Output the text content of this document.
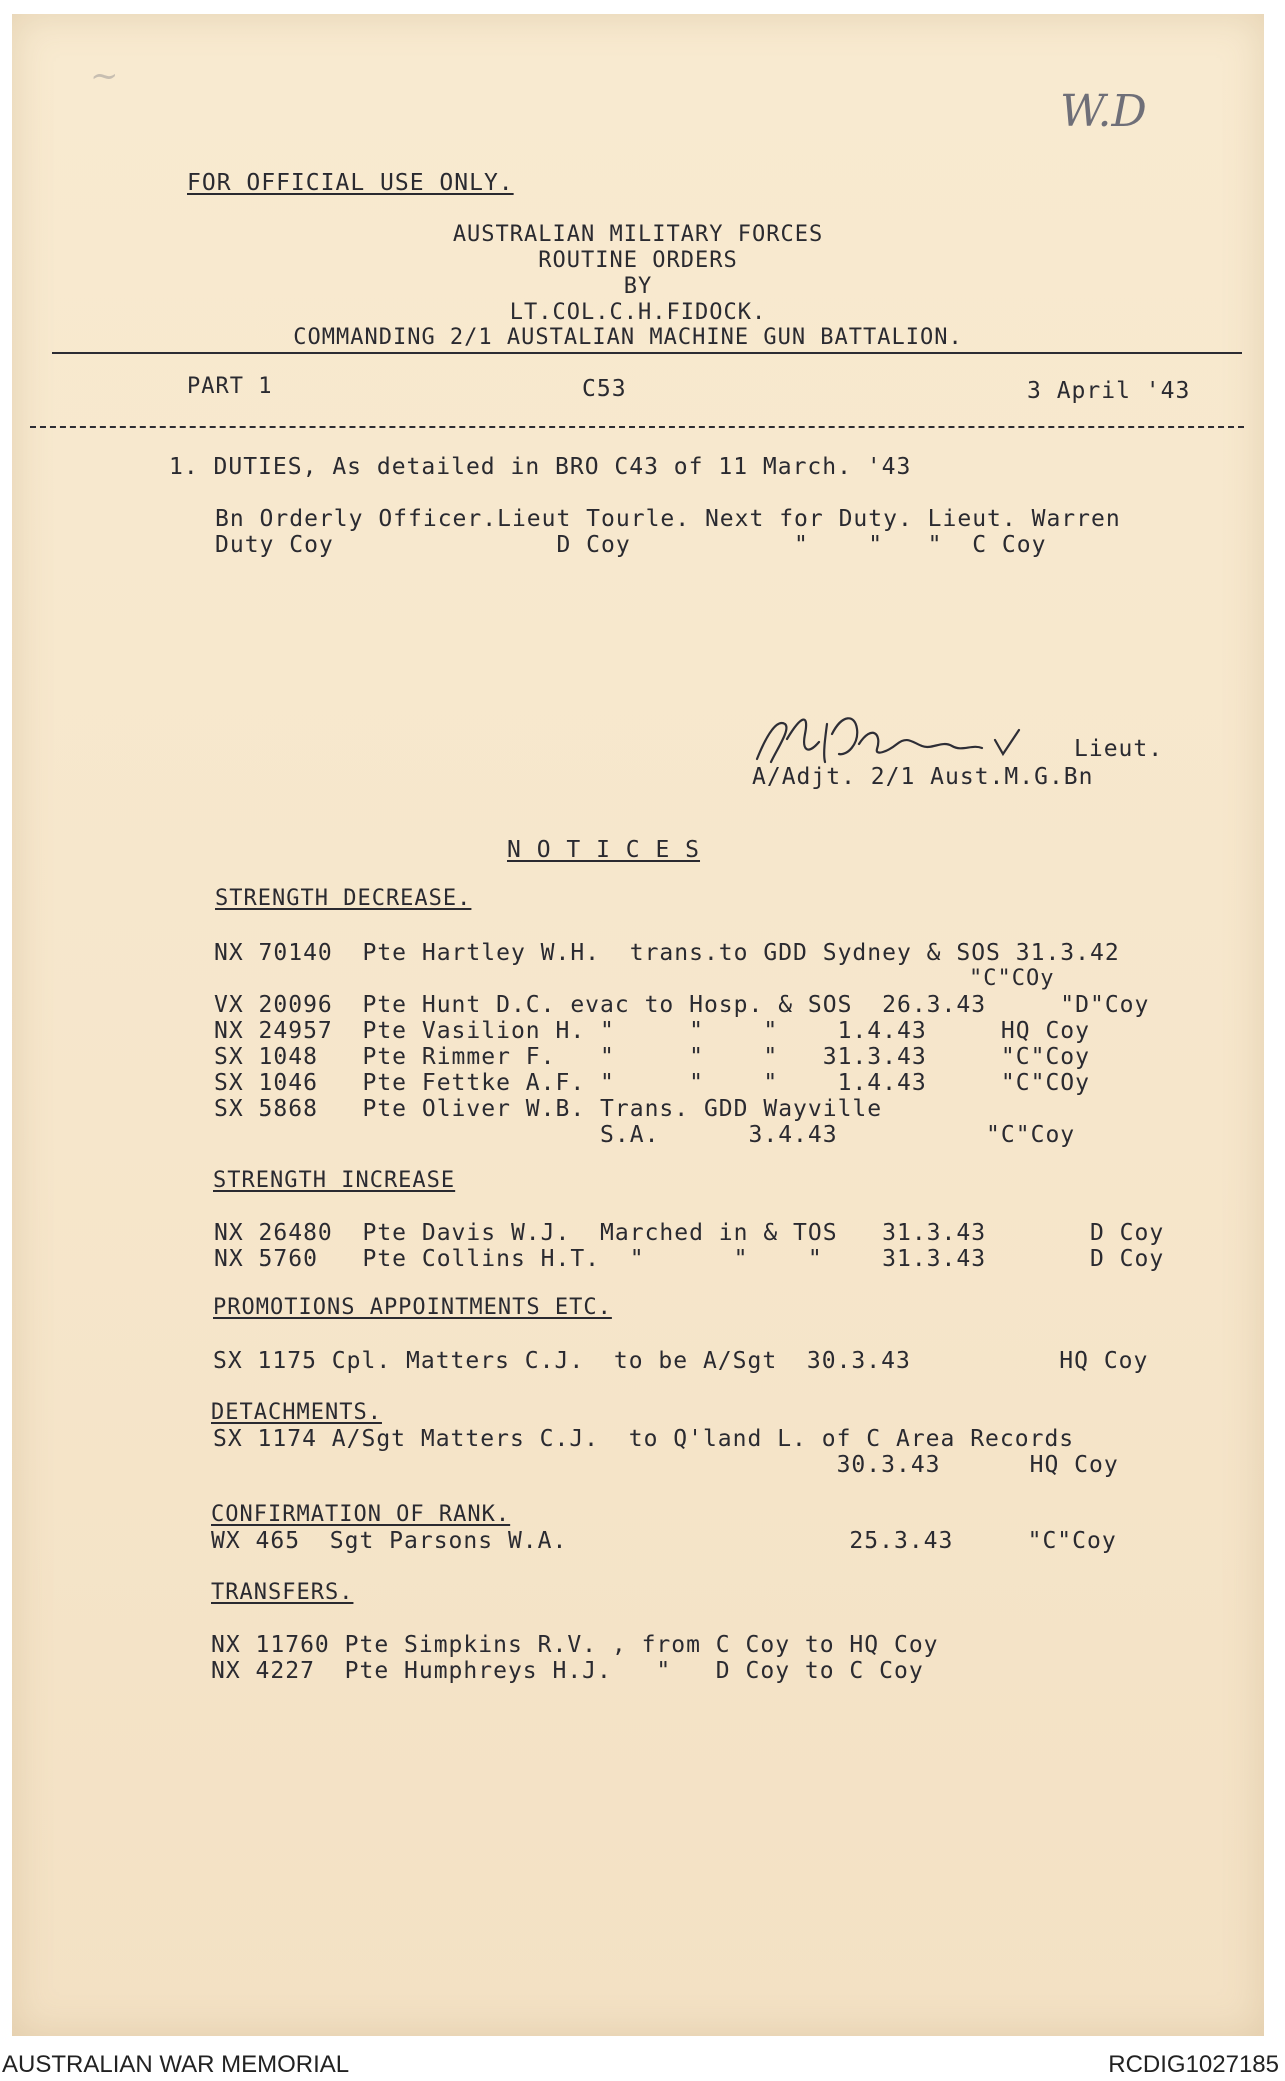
~
W.D
FOR OFFICIAL USE ONLY.
AUSTRALIAN MILITARY FORCES
ROUTINE ORDERS
BY
LT.COL.C.H.FIDOCK.
COMMANDING 2/1 AUSTALIAN MACHINE GUN BATTALION.
PART 1	C53	3 April '43
1. DUTIES, As detailed in BRO C43 of 11 March. '43
Bn Orderly Officer.Lieut Tourle. Next for Duty. Lieut. Warren
Duty Coy               D Coy           "    "   "  C Coy
Lieut.
A/Adjt. 2/1 Aust.M.G.Bn
N O T I C E S
STRENGTH DECREASE.
NX 70140  Pte Hartley W.H.  trans.to GDD Sydney & SOS 31.3.42
"C"COy
VX 20096  Pte Hunt D.C. evac to Hosp. & SOS  26.3.43     "D"Coy
NX 24957  Pte Vasilion H. "     "    "    1.4.43     HQ Coy
SX 1048   Pte Rimmer F.   "     "    "   31.3.43     "C"Coy
SX 1046   Pte Fettke A.F. "     "    "    1.4.43     "C"COy
SX 5868   Pte Oliver W.B. Trans. GDD Wayville
S.A.      3.4.43          "C"Coy
STRENGTH INCREASE
NX 26480  Pte Davis W.J.  Marched in & TOS   31.3.43       D Coy
NX 5760   Pte Collins H.T.  "      "    "    31.3.43       D Coy
PROMOTIONS APPOINTMENTS ETC.
SX 1175 Cpl. Matters C.J.  to be A/Sgt  30.3.43          HQ Coy
DETACHMENTS.
SX 1174 A/Sgt Matters C.J.  to Q'land L. of C Area Records
30.3.43      HQ Coy
CONFIRMATION OF RANK.
WX 465  Sgt Parsons W.A.                   25.3.43     "C"Coy
TRANSFERS.
NX 11760 Pte Simpkins R.V. , from C Coy to HQ Coy
NX 4227  Pte Humphreys H.J.   "   D Coy to C Coy
AUSTRALIAN WAR MEMORIAL	RCDIG1027185
